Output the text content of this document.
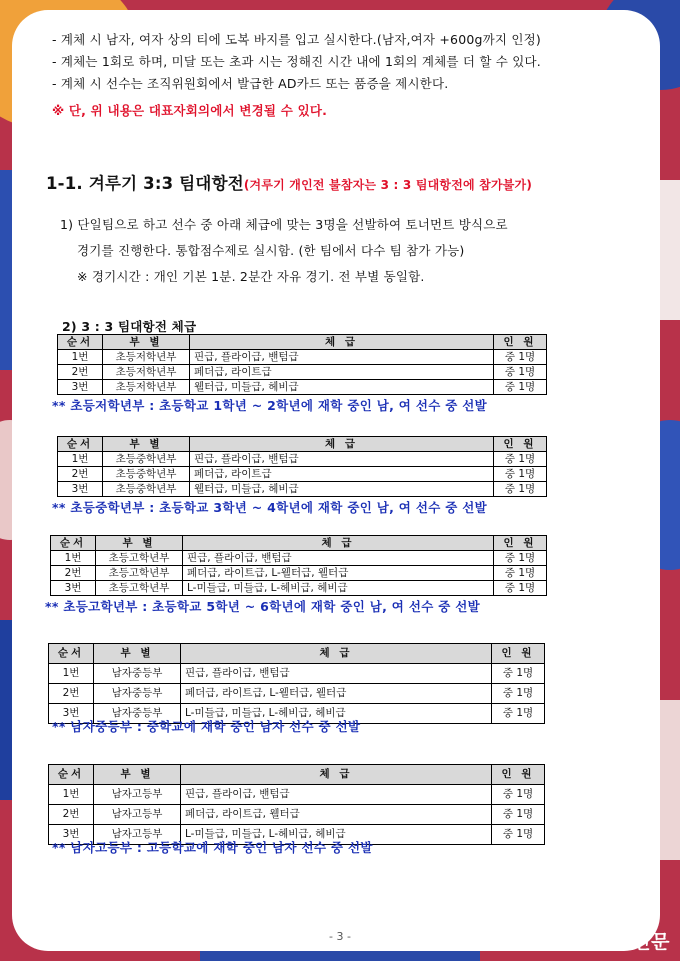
- 계체 시 남자, 여자 상의 티에 도복 바지를 입고 실시한다.(남자,여자 +600g까지 인정)
- 계체는 1회로 하며, 미달 또는 초과 시는 정해진 시간 내에 1회의 계체를 더 할 수 있다.
- 계체 시 선수는 조직위원회에서 발급한 AD카드 또는 품증을 제시한다.
※ 단, 위 내용은 대표자회의에서 변경될 수 있다.
1-1. 겨루기 3:3 팀대항전(겨루기 개인전 불참자는 3 : 3 팀대항전에 참가불가)
1) 단일팀으로 하고 선수 중 아래 체급에 맞는 3명을 선발하여 토너먼트 방식으로
경기를 진행한다. 통합점수제로 실시함. (한 팀에서 다수 팀 참가 가능)
※ 경기시간 : 개인 기본 1분. 2분간 자유 경기. 전 부별 동일함.
2) 3 : 3 팀대항전 체급
순서	부 별	체 급	인 원
1번	초등저학년부	핀급, 플라이급, 밴텀급	중 1명
2번	초등저학년부	페더급, 라이트급	중 1명
3번	초등저학년부	웰터급, 미들급, 헤비급	중 1명
** 초등저학년부 : 초등학교 1학년 ~ 2학년에 재학 중인 남, 여 선수 중 선발
순서	부 별	체 급	인 원
1번	초등중학년부	핀급, 플라이급, 밴텀급	중 1명
2번	초등중학년부	페더급, 라이트급	중 1명
3번	초등중학년부	웰터급, 미들급, 헤비급	중 1명
** 초등중학년부 : 초등학교 3학년 ~ 4학년에 재학 중인 남, 여 선수 중 선발
순서	부 별	체 급	인 원
1번	초등고학년부	핀급, 플라이급, 밴텀급	중 1명
2번	초등고학년부	페더급, 라이트급, L-웰터급, 웰터급	중 1명
3번	초등고학년부	L-미들급, 미들급, L-헤비급, 헤비급	중 1명
** 초등고학년부 : 초등학교 5학년 ~ 6학년에 재학 중인 남, 여 선수 중 선발
순서	부 별	체 급	인 원
1번	남자중등부	핀급, 플라이급, 밴텀급	중 1명
2번	남자중등부	페더급, 라이트급, L-웰터급, 웰터급	중 1명
3번	남자중등부	L-미들급, 미들급, L-헤비급, 헤비급	중 1명
** 남자중등부 : 중학교에 재학 중인 남자 선수 중 선발
순서	부 별	체 급	인 원
1번	남자고등부	핀급, 플라이급, 밴텀급	중 1명
2번	남자고등부	페더급, 라이트급, 웰터급	중 1명
3번	남자고등부	L-미들급, 미들급, L-헤비급, 헤비급	중 1명
** 남자고등부 : 고등학교에 재학 중인 남자 선수 중 선발
- 3 -	한국태권도신문
